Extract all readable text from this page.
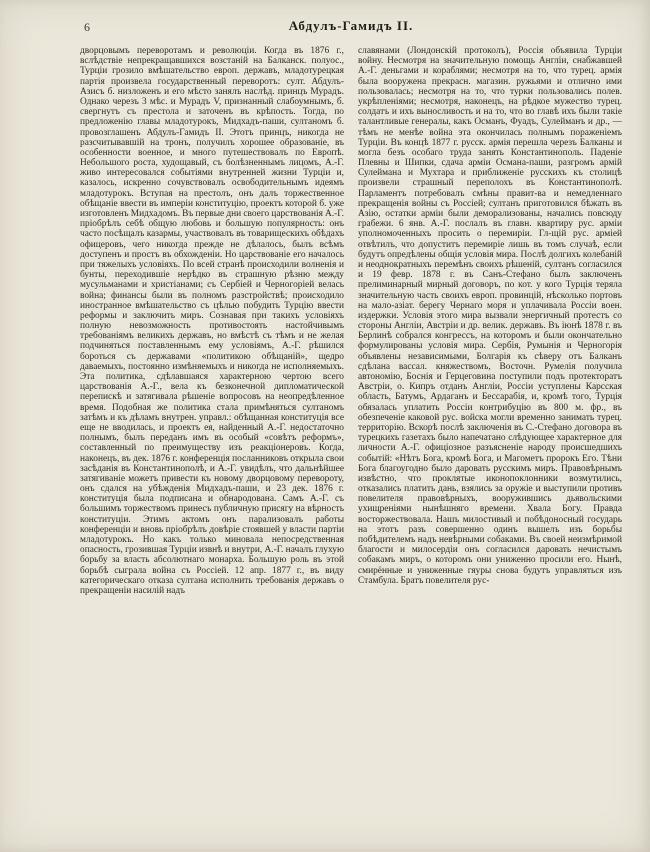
6	Абдулъ-Гамидъ II.
дворцовымъ переворотамъ и революціи. Когда въ 1876 г., вслѣдствіе непрекращавшихся возстаній на Балканск. полуос., Турціи грозило вмѣшательство европ. державъ, младотурецкая партія произвела государственный переворотъ: султ. Абдулъ-Азисъ б. низложенъ и его мѣсто занялъ наслѣд. принцъ Мурадъ. Однако черезъ 3 мѣс. и Мурадъ V, признанный слабоумнымъ, б. свергнутъ съ престола и заточенъ въ крѣпость. Тогда, по предложенію главы младотурокъ, Мидхадъ-паши, султаномъ б. провозглашенъ Абдулъ-Гамидъ II. Этотъ принцъ, никогда не разсчитывавшій на тронъ, получилъ хорошее образованіе, въ особенности военное, и много путешествовалъ по Европѣ. Небольшого роста, худощавый, съ болѣзненнымъ лицомъ, А.-Г. живо интересовался событіями внутренней жизни Турціи и, казалось, искренно сочувствовалъ освободительнымъ идеямъ младотурокъ. Вступая на престолъ, онъ далъ торжественное обѣщаніе ввести въ имперіи конституцію, проектъ которой б. уже изготовленъ Мидхадомъ. Въ первые дни своего царствованія А.-Г. пріобрѣлъ себѣ общую любовь и большую популярность: онъ часто посѣщалъ казармы, участвовалъ въ товарищескихъ обѣдахъ офицеровъ, чего никогда прежде не дѣлалось, былъ всѣмъ доступенъ и простъ въ обхожденіи. Но царствованіе его началось при тяжелыхъ условіяхъ. По всей странѣ происходили волненія и бунты, переходившіе нерѣдко въ страшную рѣзню между мусульманами и христіанами; съ Сербіей и Черногоріей велась война; финансы были въ полномъ разстройствѣ; происходило иностранное вмѣшательство съ цѣлью побудить Турцію ввести реформы и заключить миръ. Сознавая при такихъ условіяхъ полную невозможность противостоять настойчивымъ требованіямъ великихъ державъ, но вмѣстѣ съ тѣмъ и не желая подчиняться поставленнымъ ему условіямъ, А.-Г. рѣшился бороться съ державами «политикою обѣщаній», щедро даваемыхъ, постоянно измѣняемыхъ и никогда не исполняемыхъ. Эта политика, сдѣлавшаяся характерною чертою всего царствованія А.-Г., вела къ безконечной дипломатической перепискѣ и затягивала рѣшеніе вопросовъ на неопредѣленное время. Подобная же политика стала примѣняться султаномъ затѣмъ и къ дѣламъ внутрен. управл.: обѣщанная конституція все еще не вводилась, и проектъ ея, найденный А.-Г. недостаточно полнымъ, былъ переданъ имъ въ особый «совѣтъ реформъ», составленный по преимуществу изъ реакціонеровъ. Когда, наконецъ, въ дек. 1876 г. конференція посланниковъ открыла свои засѣданія въ Константинополѣ, и А.-Г. увидѣлъ, что дальнѣйшее затягиваніе можетъ привести къ новому дворцовому перевороту, онъ сдался на убѣжденія Мидхадъ-паши, и 23 дек. 1876 г. конституція была подписана и обнародована. Самъ А.-Г. съ большимъ торжествомъ принесъ публичную присягу на вѣрность конституціи. Этимъ актомъ онъ парализовалъ работы конференціи и вновь пріобрѣлъ довѣріе стоявшей у власти партіи младотурокъ. Но какъ только миновала непосредственная опасность, грозившая Турціи извнѣ и внутри, А.-Г. началъ глухую борьбу за власть абсолютнаго монарха. Большую роль въ этой борьбѣ сыграла война съ Россіей. 12 апр. 1877 г., въ виду категорическаго отказа султана исполнить требованія державъ о прекращеніи насилій надъ
славянами (Лондонскій протоколъ), Россія объявила Турціи войну. Несмотря на значительную помощь Англіи, снабжавшей А.-Г. деньгами и кораблями; несмотря на то, что турец. армія была вооружена прекрасн. магазин. ружьями и отлично ими пользовалась; несмотря на то, что турки пользовались полев. укрѣпленіями; несмотря, наконецъ, на рѣдкое мужество турец. солдатъ и ихъ выносливость и на то, что во главѣ ихъ были такіе талантливые генералы, какъ Османъ, Фуадъ, Сулейманъ и др., — тѣмъ не менѣе война эта окончилась полнымъ пораженіемъ Турціи. Въ концѣ 1877 г. русск. армія перешла черезъ Балканы и могла безъ особаго труда занять Константинополь. Паденіе Плевны и Шипки, сдача арміи Османа-паши, разгромъ армій Сулеймана и Мухтара и приближеніе русскихъ къ столицѣ произвели страшный переполохъ въ Константинополѣ. Парламентъ потребовалъ смѣны правит-ва и немедленнаго прекращенія войны съ Россіей; султанъ приготовился бѣжать въ Азію, остатки арміи были деморализованы, начались повсюду грабежи. 6 янв. А.-Г. послалъ въ главн. квартиру рус. арміи уполномоченныхъ просить о перемиріи. Гл-щій рус. арміей отвѣтилъ, что допуститъ перемиріе лишь въ томъ случаѣ, если будутъ опредѣлены общія условія мира. Послѣ долгихъ колебаній и неоднократныхъ перемѣнъ своихъ рѣшеній, султанъ согласился и 19 февр. 1878 г. въ Санъ-Стефано былъ заключенъ прелиминарный мирный договоръ, по кот. у кого Турція теряла значительную часть своихъ европ. провинцій, нѣсколько портовъ на мало-азіат. берегу Чернаго моря и уплачивала Россіи воен. издержки. Условія этого мира вызвали энергичный протестъ со стороны Англіи, Австріи и др. велик. державъ. Въ іюнѣ 1878 г. въ Берлинѣ собрался конгрессъ, на которомъ и были окончательно формулированы условія мира. Сербія, Румынія и Черногорія объявлены независимыми, Болгарія къ сѣверу отъ Балканъ сдѣлана вассал. княжествомъ, Восточн. Румелія получила автономію, Боснія и Герцеговина поступили подъ протекторатъ Австріи, о. Кипръ отданъ Англіи, Россіи уступлены Карсская область, Батумъ, Ардаганъ и Бессарабія, и, кромѣ того, Турція обязалась уплатить Россіи контрибуцію въ 800 м. фр., въ обезпеченіе каковой рус. войска могли временно занимать турец. территорію. Вскорѣ послѣ заключенія въ С.-Стефано договора въ турецкихъ газетахъ было напечатано слѣдующее характерное для личности А.-Г. офиціозное разъясненіе народу происшедшихъ событій: «Нѣтъ Бога, кромѣ Бога, и Магометъ пророкъ Его. Тѣни Бога благоугодно было даровать русскимъ миръ. Правовѣрнымъ извѣстно, что проклятые иконопоклонники возмутились, отказались платить дань, взялись за оружіе и выступили противъ повелителя правовѣрныхъ, вооружившись дьявольскими ухищреніями нынѣшняго времени. Хвала Богу. Правда восторжествовала. Нашъ милостивый и побѣдоносный государь на этотъ разъ совершенно одинъ вышелъ изъ борьбы побѣдителемъ надъ невѣрными собаками. Въ своей неизмѣримой благости и милосердіи онъ согласился даровать нечистымъ собакамъ миръ, о которомъ они униженно просили его. Нынѣ, смирённые и униженные гяуры снова будутъ управляться изъ Стамбула. Братъ повелителя рус-
